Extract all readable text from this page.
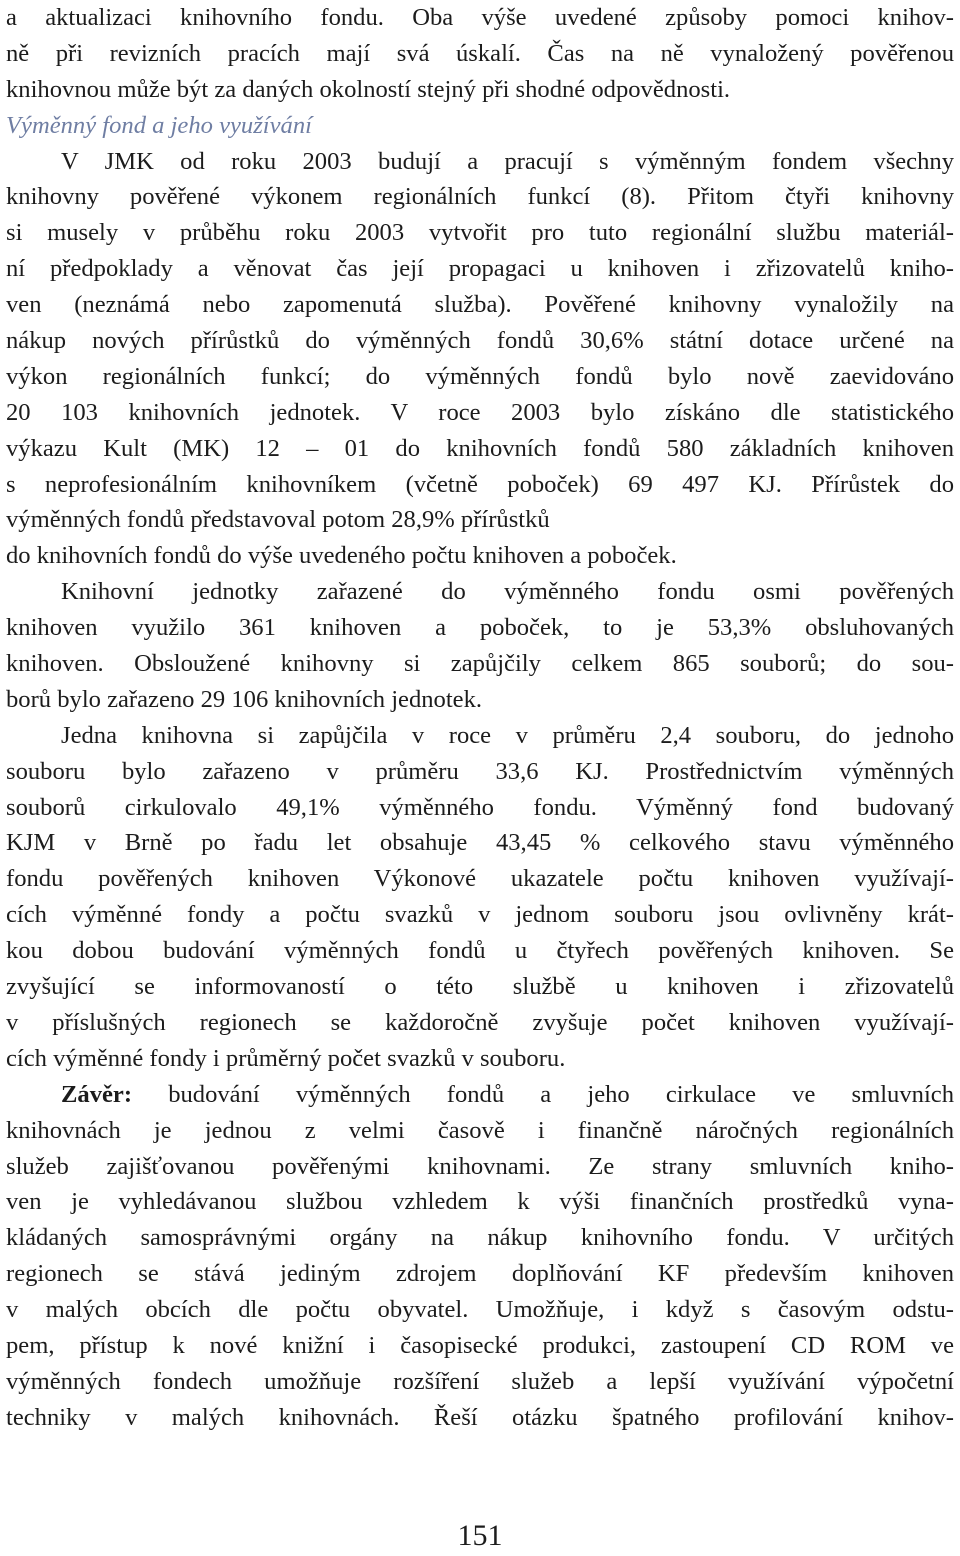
a aktualizaci knihovního fondu. Oba výše uvedené způsoby pomoci knihov-
ně při revizních pracích mají svá úskalí. Čas na ně vynaložený pověřenou
knihovnou může být za daných okolností stejný při shodné odpovědnosti.
Výměnný fond a jeho využívání
V JMK od roku 2003 budují a pracují s výměnným fondem všechny
knihovny pověřené výkonem regionálních funkcí (8). Přitom čtyři knihovny
si musely v průběhu roku 2003 vytvořit pro tuto regionální službu materiál-
ní předpoklady a věnovat čas její propagaci u knihoven i zřizovatelů kniho-
ven (neznámá nebo zapomenutá služba). Pověřené knihovny vynaložily na
nákup nových přírůstků do výměnných fondů 30,6% státní dotace určené na
výkon regionálních funkcí; do výměnných fondů bylo nově zaevidováno
20 103 knihovních jednotek. V roce 2003 bylo získáno dle statistického
výkazu Kult (MK) 12 – 01 do knihovních fondů 580 základních knihoven
s neprofesionálním knihovníkem (včetně poboček) 69 497 KJ. Přírůstek do
výměnných fondů představoval potom 28,9% přírůstků
do knihovních fondů do výše uvedeného počtu knihoven a poboček.
Knihovní jednotky zařazené do výměnného fondu osmi pověřených
knihoven využilo 361 knihoven a poboček, to je 53,3% obsluhovaných
knihoven. Obsloužené knihovny si zapůjčily celkem 865 souborů; do sou-
borů bylo zařazeno 29 106 knihovních jednotek.
Jedna knihovna si zapůjčila v roce v průměru 2,4 souboru, do jednoho
souboru bylo zařazeno v průměru 33,6 KJ. Prostřednictvím výměnných
souborů cirkulovalo 49,1% výměnného fondu. Výměnný fond budovaný
KJM v Brně po řadu let obsahuje 43,45 % celkového stavu výměnného
fondu pověřených knihoven Výkonové ukazatele počtu knihoven využívají-
cích výměnné fondy a počtu svazků v jednom souboru jsou ovlivněny krát-
kou dobou budování výměnných fondů u čtyřech pověřených knihoven. Se
zvyšující se informovaností o této službě u knihoven i zřizovatelů
v příslušných regionech se každoročně zvyšuje počet knihoven využívají-
cích výměnné fondy i průměrný počet svazků v souboru.
Závěr: budování výměnných fondů a jeho cirkulace ve smluvních
knihovnách je jednou z velmi časově i finančně náročných regionálních
služeb zajišťovanou pověřenými knihovnami. Ze strany smluvních kniho-
ven je vyhledávanou službou vzhledem k výši finančních prostředků vyna-
kládaných samosprávnými orgány na nákup knihovního fondu. V určitých
regionech se stává jediným zdrojem doplňování KF především knihoven
v malých obcích dle počtu obyvatel. Umožňuje, i když s časovým odstu-
pem, přístup k nové knižní i časopisecké produkci, zastoupení CD ROM ve
výměnných fondech umožňuje rozšíření služeb a lepší využívání výpočetní
techniky v malých knihovnách. Řeší otázku špatného profilování knihov-
151
